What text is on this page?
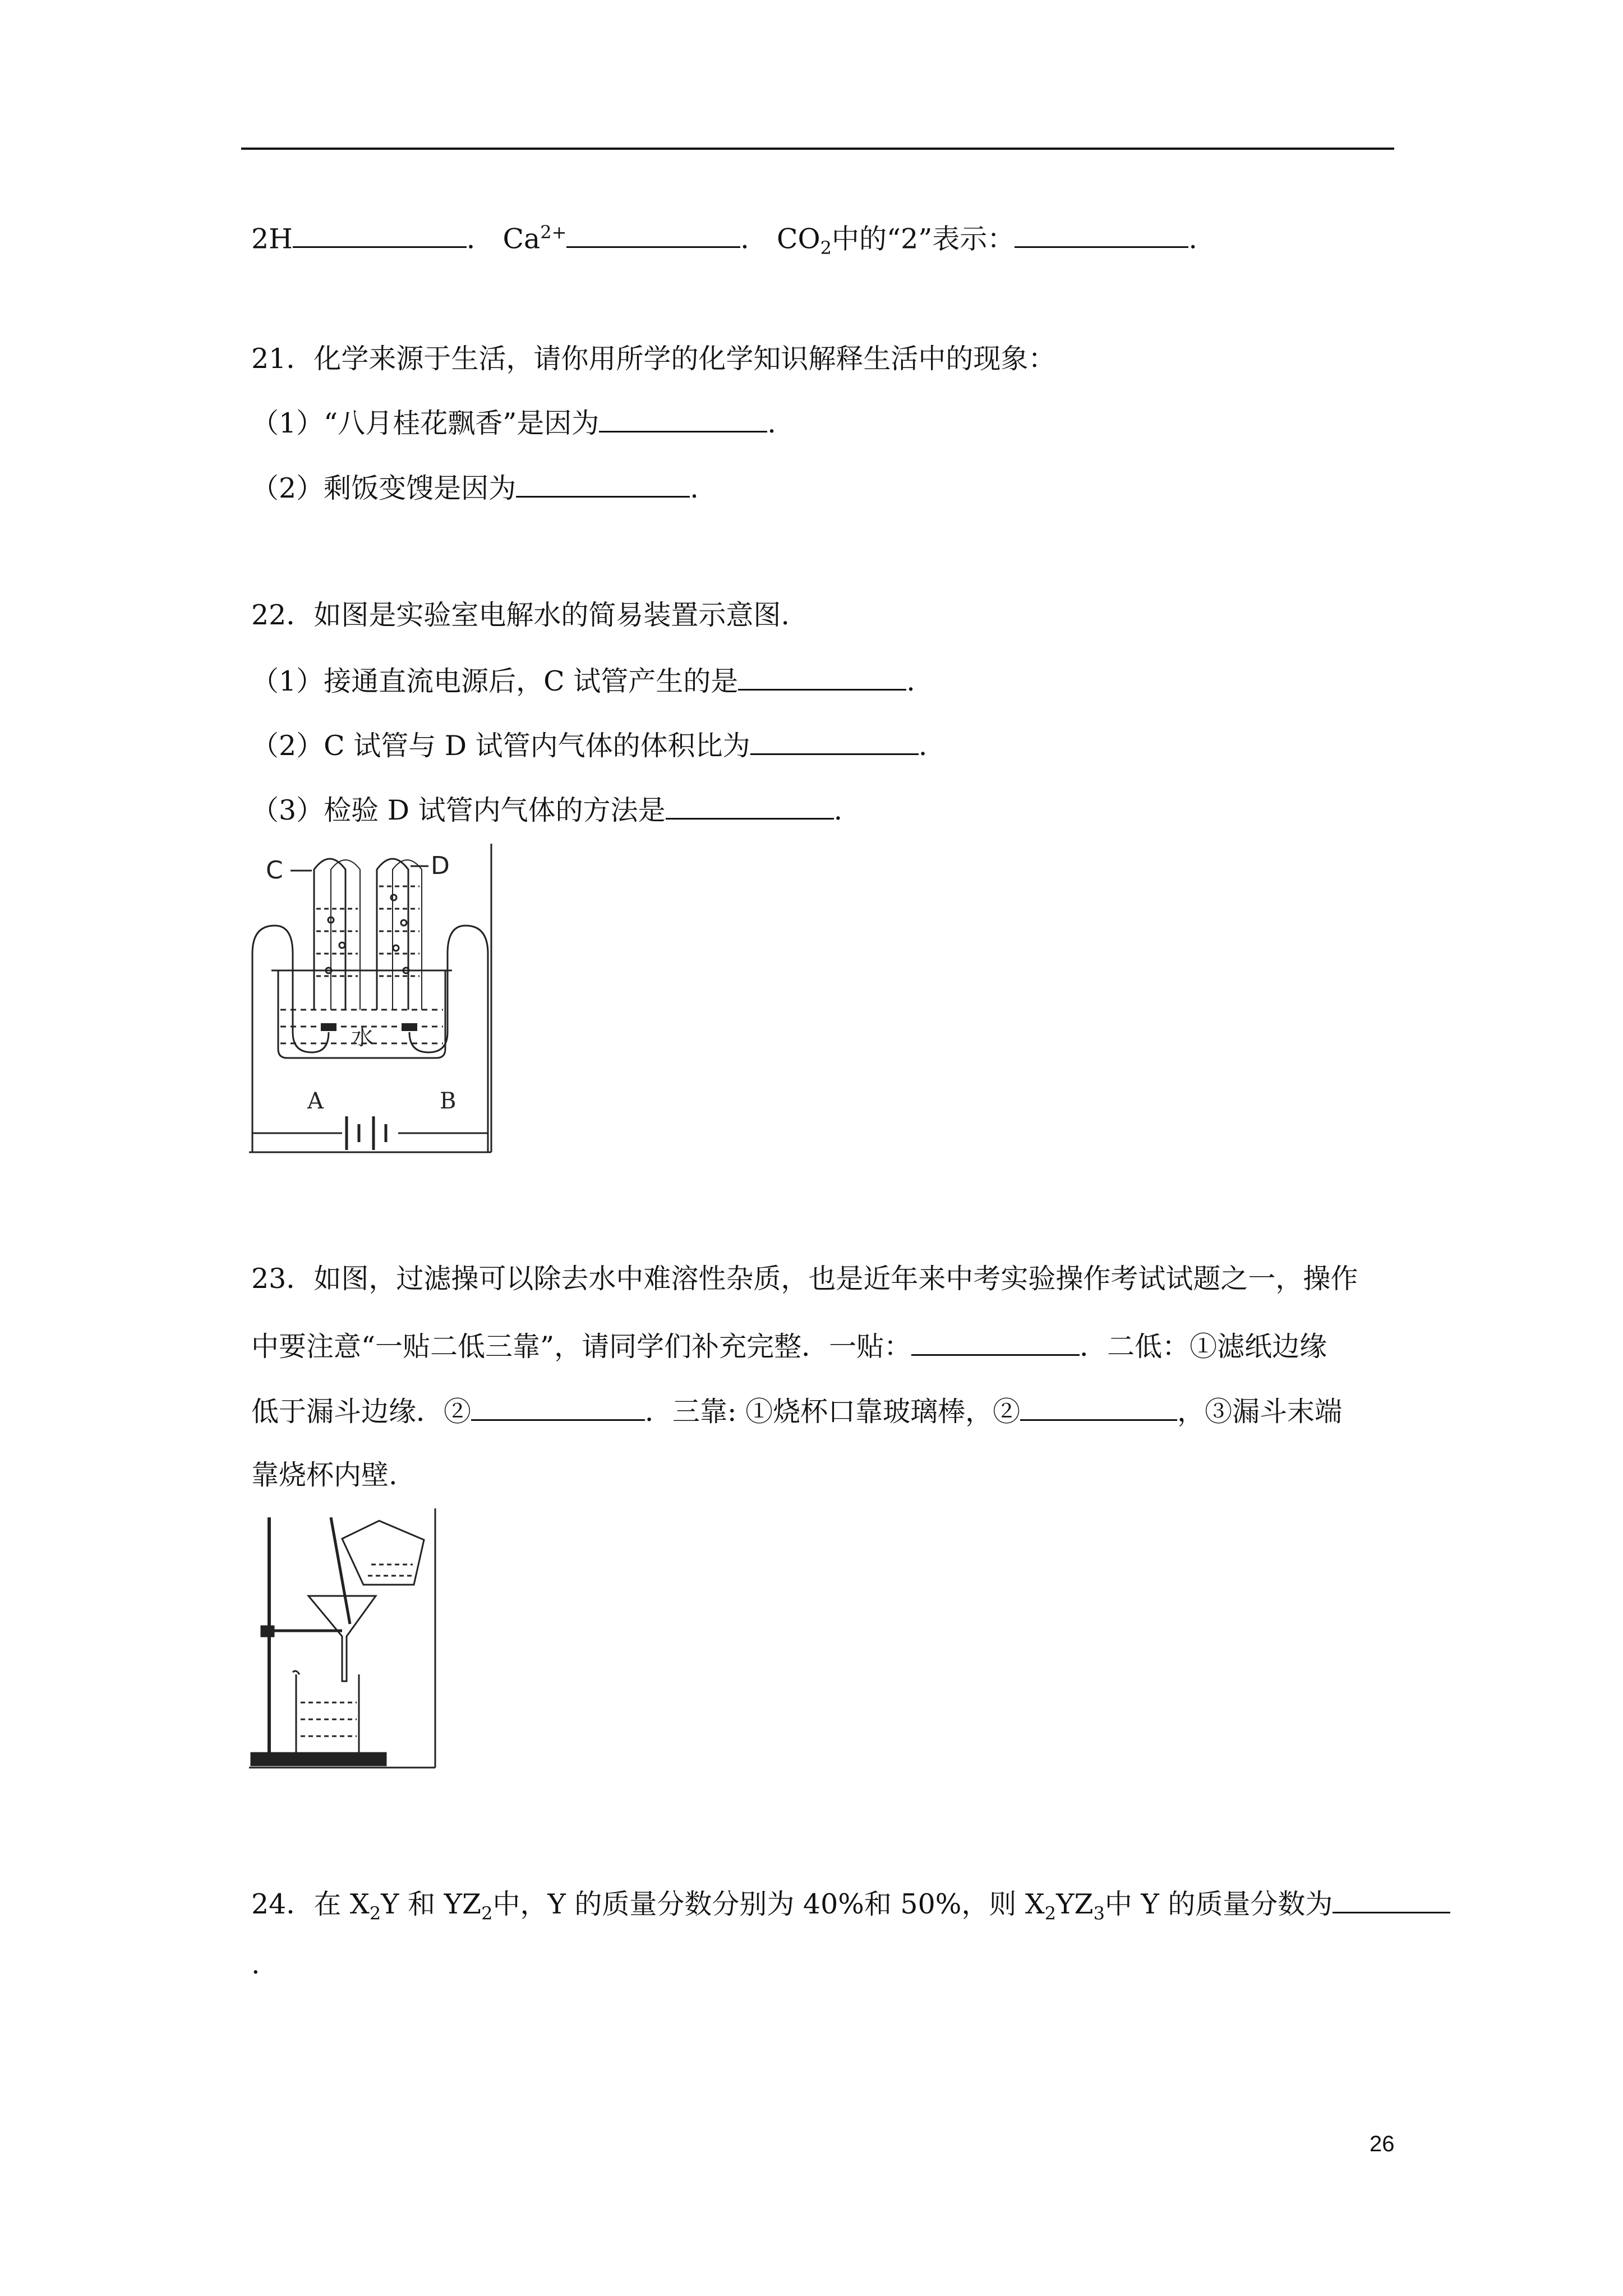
2H	． $Ca^{2+}$	． $CO_2$中的“2”表示：	.
21．化学来源于生活，请你用所学的化学知识解释生活中的现象：
（1）“八月桂花飘香”是因为	.
（2）剩饭变馊是因为	.
22．如图是实验室电解水的简易装置示意图.
（1）接通直流电源后，C 试管产生的是	.
（2）C 试管与 D 试管内气体的体积比为	.
（3）检验 D 试管内气体的方法是	.
C	D
水
A	B
23．如图，过滤操可以除去水中难溶性杂质，也是近年来中考实验操作考试试题之一，操作
中要注意“一贴二低三靠”，请同学们补充完整．一贴：	．二低：①滤纸边缘
低于漏斗边缘．②	．三靠: ①烧杯口靠玻璃棒，②	，③漏斗末端
靠烧杯内壁.
24．在 $X_2Y$ 和 $YZ_2$中，Y 的质量分数分别为 40%和 50%，则 $X_2YZ_3$中 Y 的质量分数为
.
26
